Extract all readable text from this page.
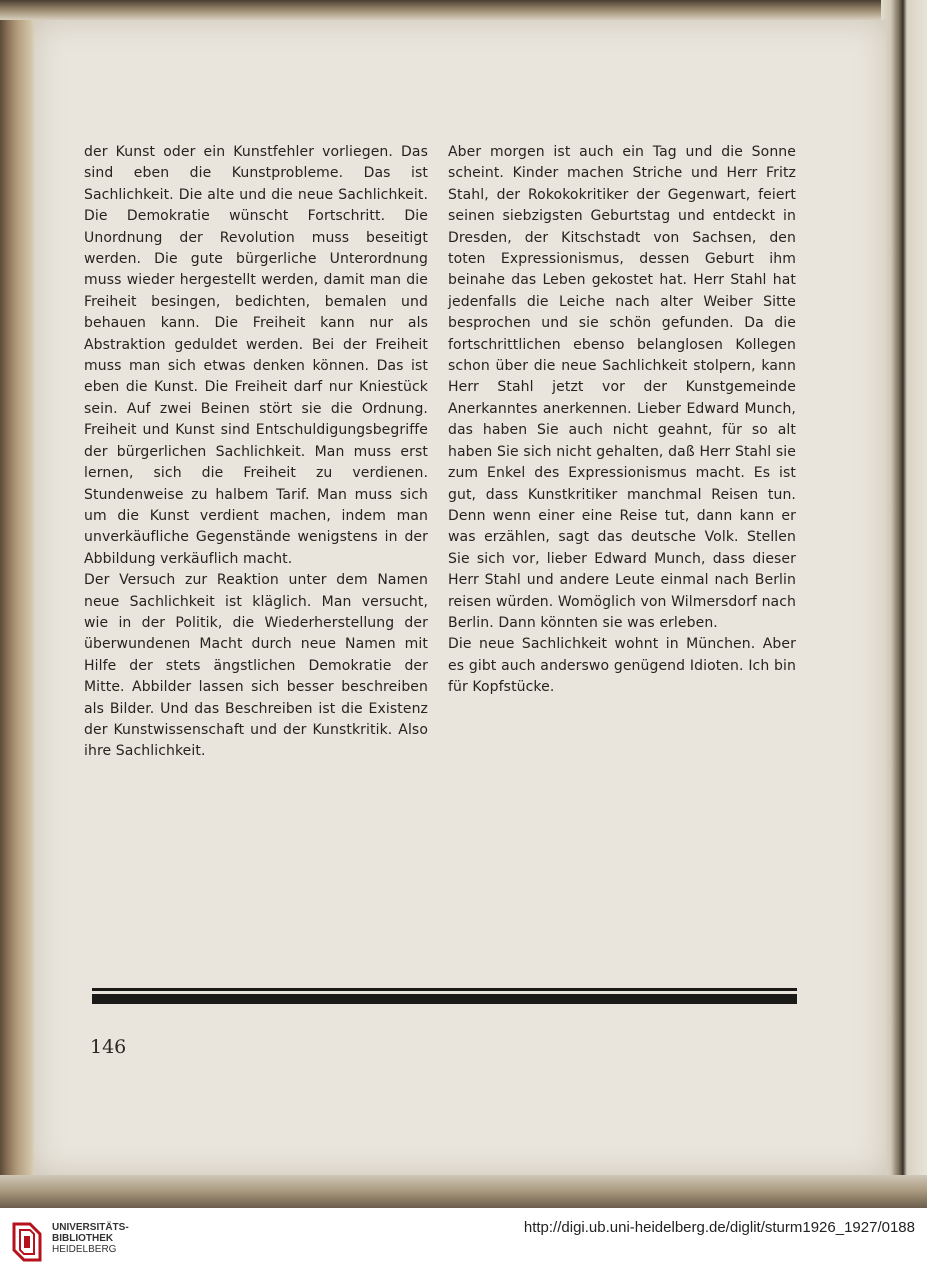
der Kunst oder ein Kunstfehler vorliegen. Das sind eben die Kunstprobleme. Das ist Sachlichkeit. Die alte und die neue Sachlichkeit. Die Demokratie wünscht Fortschritt. Die Unordnung der Revolution muss beseitigt werden. Die gute bürgerliche Unterordnung muss wieder hergestellt werden, damit man die Freiheit besingen, bedichten, bemalen und behauen kann. Die Freiheit kann nur als Abstraktion geduldet werden. Bei der Freiheit muss man sich etwas denken können. Das ist eben die Kunst. Die Freiheit darf nur Kniestück sein. Auf zwei Beinen stört sie die Ordnung. Freiheit und Kunst sind Entschuldigungsbegriffe der bürgerlichen Sachlichkeit. Man muss erst lernen, sich die Freiheit zu verdienen. Stundenweise zu halbem Tarif. Man muss sich um die Kunst verdient machen, indem man unverkäufliche Gegenstände wenigstens in der Abbildung verkäuflich macht.

Der Versuch zur Reaktion unter dem Namen neue Sachlichkeit ist kläglich. Man versucht, wie in der Politik, die Wiederherstellung der überwundenen Macht durch neue Namen mit Hilfe der stets ängstlichen Demokratie der Mitte. Abbilder lassen sich besser beschreiben als Bilder. Und das Beschreiben ist die Existenz der Kunstwissenschaft und der Kunstkritik. Also ihre Sachlichkeit.

Aber morgen ist auch ein Tag und die Sonne scheint. Kinder machen Striche und Herr Fritz Stahl, der Rokokokritiker der Gegenwart, feiert seinen siebzigsten Geburtstag und entdeckt in Dresden, der Kitschstadt von Sachsen, den toten Expressionismus, dessen Geburt ihm beinahe das Leben gekostet hat. Herr Stahl hat jedenfalls die Leiche nach alter Weiber Sitte besprochen und sie schön gefunden. Da die fortschrittlichen ebenso belanglosen Kollegen schon über die neue Sachlichkeit stolpern, kann Herr Stahl jetzt vor der Kunstgemeinde Anerkanntes anerkennen. Lieber Edward Munch, das haben Sie auch nicht geahnt, für so alt haben Sie sich nicht gehalten, daß Herr Stahl sie zum Enkel des Expressionismus macht. Es ist gut, dass Kunstkritiker manchmal Reisen tun. Denn wenn einer eine Reise tut, dann kann er was erzählen, sagt das deutsche Volk. Stellen Sie sich vor, lieber Edward Munch, dass dieser Herr Stahl und andere Leute einmal nach Berlin reisen würden. Womöglich von Wilmersdorf nach Berlin. Dann könnten sie was erleben.

Die neue Sachlichkeit wohnt in München. Aber es gibt auch anderswo genügend Idioten. Ich bin für Kopfstücke.

146
UNIVERSITÄTS-
BIBLIOTHEK
HEIDELBERG
http://digi.ub.uni-heidelberg.de/diglit/sturm1926_1927/0188
